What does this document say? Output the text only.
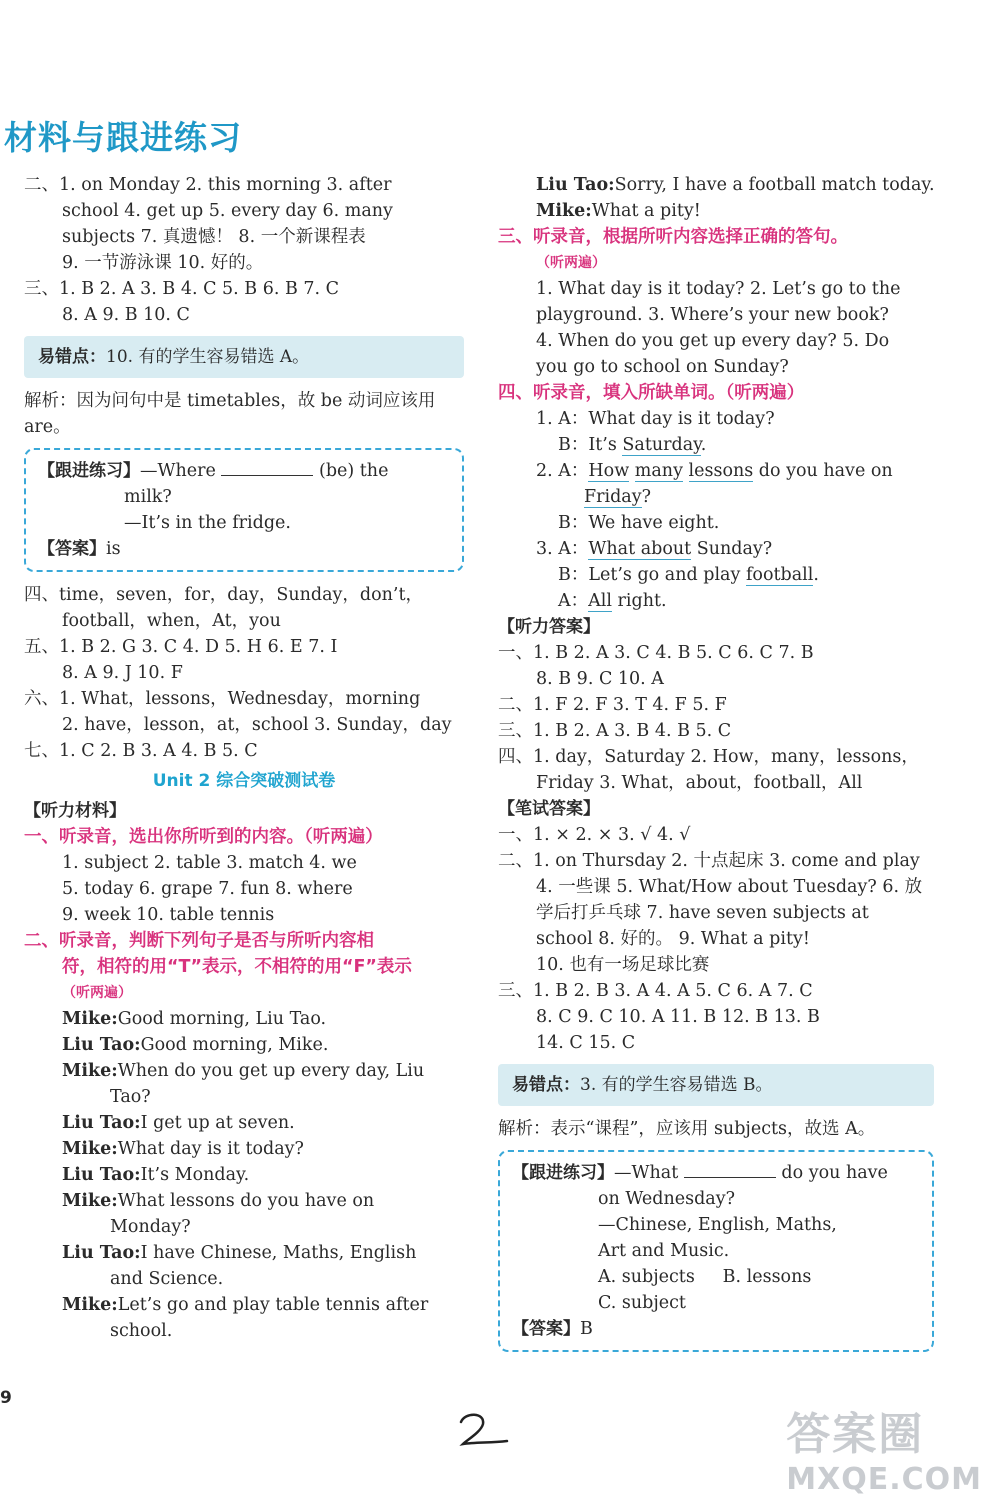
材料与跟进练习
二、1. on Monday 2. this morning 3. after
school 4. get up 5. every day 6. many
subjects 7. 真遗憾！ 8. 一个新课程表
9. 一节游泳课 10. 好的。
三、1. B 2. A 3. B 4. C 5. B 6. B 7. C
8. A 9. B 10. C
易错点：10. 有的学生容易错选 A。
解析：因为问句中是 timetables，故 be 动词应该用
are。
【跟进练习】—Where	(be) the
milk?
—It’s in the fridge.
【答案】is
四、time，seven，for，day，Sunday，don’t，
football，when，At，you
五、1. B 2. G 3. C 4. D 5. H 6. E 7. I
8. A 9. J 10. F
六、1. What，lessons，Wednesday，morning
2. have，lesson，at，school 3. Sunday，day
七、1. C 2. B 3. A 4. B 5. C
Unit 2 综合突破测试卷
【听力材料】
一、听录音，选出你所听到的内容。（听两遍）
1. subject 2. table 3. match 4. we
5. today 6. grape 7. fun 8. where
9. week 10. table tennis
二、听录音，判断下列句子是否与所听内容相
符，相符的用“T”表示，不相符的用“F”表示
（听两遍）
Mike:Good morning, Liu Tao.
Liu Tao:Good morning, Mike.
Mike:When do you get up every day, Liu
Tao?
Liu Tao:I get up at seven.
Mike:What day is it today?
Liu Tao:It’s Monday.
Mike:What lessons do you have on
Monday?
Liu Tao:I have Chinese, Maths, English
and Science.
Mike:Let’s go and play table tennis after
school.
Liu Tao:Sorry, I have a football match today.
Mike:What a pity!
三、听录音，根据所听内容选择正确的答句。
（听两遍）
1. What day is it today? 2. Let’s go to the
playground. 3. Where’s your new book?
4. When do you get up every day? 5. Do
you go to school on Sunday?
四、听录音，填入所缺单词。（听两遍）
1. A：What day is it today?
B：It’s Saturday.
2. A：How many lessons do you have on
Friday?
B：We have eight.
3. A：What about Sunday?
B：Let’s go and play football.
A：All right.
【听力答案】
一、1. B 2. A 3. C 4. B 5. C 6. C 7. B
8. B 9. C 10. A
二、1. F 2. F 3. T 4. F 5. F
三、1. B 2. A 3. B 4. B 5. C
四、1. day，Saturday 2. How，many，lessons，
Friday 3. What，about，football，All
【笔试答案】
一、1. × 2. × 3. √ 4. √
二、1. on Thursday 2. 十点起床 3. come and play
4. 一些课 5. What/How about Tuesday? 6. 放
学后打乒乓球 7. have seven subjects at
school 8. 好的。 9. What a pity!
10. 也有一场足球比赛
三、1. B 2. B 3. A 4. A 5. C 6. A 7. C
8. C 9. C 10. A 11. B 12. B 13. B
14. C 15. C
易错点：3. 有的学生容易错选 B。
解析：表示“课程”，应该用 subjects，故选 A。
【跟进练习】—What	do you have
on Wednesday?
—Chinese, English, Maths,
Art and Music.
A. subjects B. lessons
C. subject
【答案】B
9
答案圈
MXQE.COM
